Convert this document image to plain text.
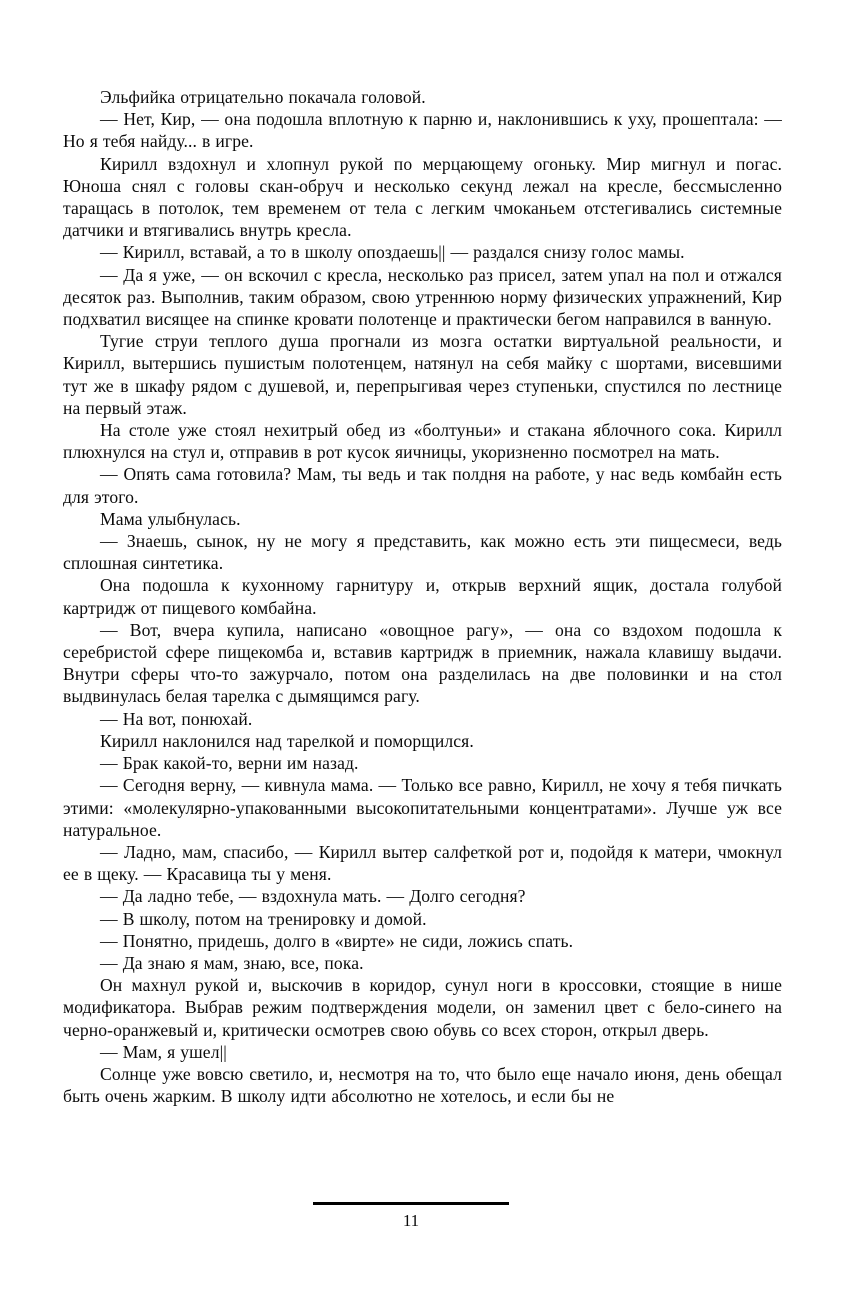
Эльфийка отрицательно покачала головой.

— Нет, Кир, — она подошла вплотную к парню и, наклонившись к уху, прошептала: — Но я тебя найду... в игре.

Кирилл вздохнул и хлопнул рукой по мерцающему огоньку. Мир мигнул и погас. Юноша снял с головы скан-обруч и несколько секунд лежал на кресле, бессмысленно таращась в потолок, тем временем от тела с легким чмоканьем отстегивались системные датчики и втягивались внутрь кресла.

— Кирилл, вставай, а то в школу опоздаешь|| — раздался снизу голос мамы.

— Да я уже, — он вскочил с кресла, несколько раз присел, затем упал на пол и отжался десяток раз. Выполнив, таким образом, свою утреннюю норму физических упражнений, Кир подхватил висящее на спинке кровати полотенце и практически бегом направился в ванную.

Тугие струи теплого душа прогнали из мозга остатки виртуальной реальности, и Кирилл, вытершись пушистым полотенцем, натянул на себя майку с шортами, висевшими тут же в шкафу рядом с душевой, и, перепрыгивая через ступеньки, спустился по лестнице на первый этаж.

На столе уже стоял нехитрый обед из «болтуньи» и стакана яблочного сока. Кирилл плюхнулся на стул и, отправив в рот кусок яичницы, укоризненно посмотрел на мать.

— Опять сама готовила? Мам, ты ведь и так полдня на работе, у нас ведь комбайн есть для этого.

Мама улыбнулась.

— Знаешь, сынок, ну не могу я представить, как можно есть эти пищесмеси, ведь сплошная синтетика.

Она подошла к кухонному гарнитуру и, открыв верхний ящик, достала голубой картридж от пищевого комбайна.

— Вот, вчера купила, написано «овощное рагу», — она со вздохом подошла к серебристой сфере пищекомба и, вставив картридж в приемник, нажала клавишу выдачи. Внутри сферы что-то зажурчало, потом она разделилась на две половинки и на стол выдвинулась белая тарелка с дымящимся рагу.

— На вот, понюхай.

Кирилл наклонился над тарелкой и поморщился.

— Брак какой-то, верни им назад.

— Сегодня верну, — кивнула мама. — Только все равно, Кирилл, не хочу я тебя пичкать этими: «молекулярно-упакованными высокопитательными концентратами». Лучше уж все натуральное.

— Ладно, мам, спасибо, — Кирилл вытер салфеткой рот и, подойдя к матери, чмокнул ее в щеку. — Красавица ты у меня.

— Да ладно тебе, — вздохнула мать. — Долго сегодня?

— В школу, потом на тренировку и домой.

— Понятно, придешь, долго в «вирте» не сиди, ложись спать.

— Да знаю я мам, знаю, все, пока.

Он махнул рукой и, выскочив в коридор, сунул ноги в кроссовки, стоящие в нише модификатора. Выбрав режим подтверждения модели, он заменил цвет с бело-синего на черно-оранжевый и, критически осмотрев свою обувь со всех сторон, открыл дверь.

— Мам, я ушел||

Солнце уже вовсю светило, и, несмотря на то, что было еще начало июня, день обещал быть очень жарким. В школу идти абсолютно не хотелось, и если бы не

11
